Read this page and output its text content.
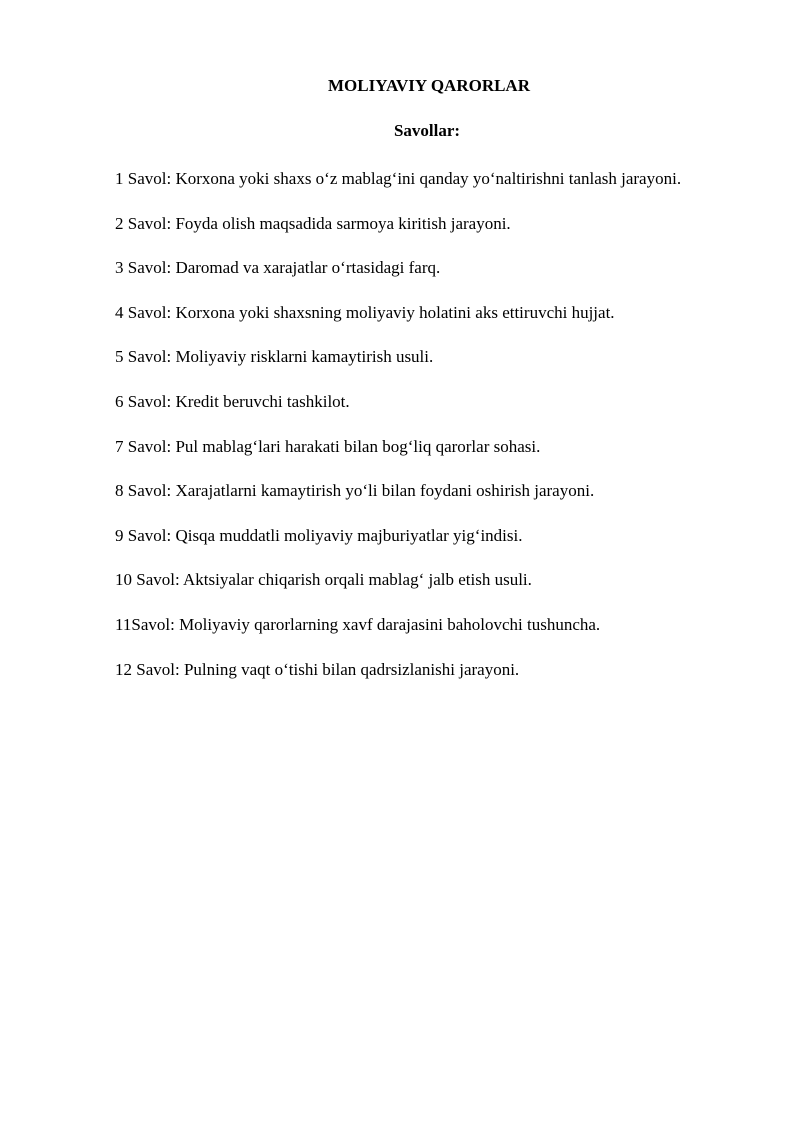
MOLIYAVIY QARORLAR
Savollar:
1 Savol: Korxona yoki shaxs o‘z mablag‘ini qanday yo‘naltirishni tanlash jarayoni.
2 Savol: Foyda olish maqsadida sarmoya kiritish jarayoni.
3 Savol: Daromad va xarajatlar o‘rtasidagi farq.
4 Savol: Korxona yoki shaxsning moliyaviy holatini aks ettiruvchi hujjat.
5 Savol: Moliyaviy risklarni kamaytirish usuli.
6 Savol: Kredit beruvchi tashkilot.
7 Savol: Pul mablag‘lari harakati bilan bog‘liq qarorlar sohasi.
8 Savol: Xarajatlarni kamaytirish yo‘li bilan foydani oshirish jarayoni.
9 Savol: Qisqa muddatli moliyaviy majburiyatlar yig‘indisi.
10 Savol: Aktsiyalar chiqarish orqali mablag‘ jalb etish usuli.
11Savol: Moliyaviy qarorlarning xavf darajasini baholovchi tushuncha.
12 Savol: Pulning vaqt o‘tishi bilan qadrsizlanishi jarayoni.
